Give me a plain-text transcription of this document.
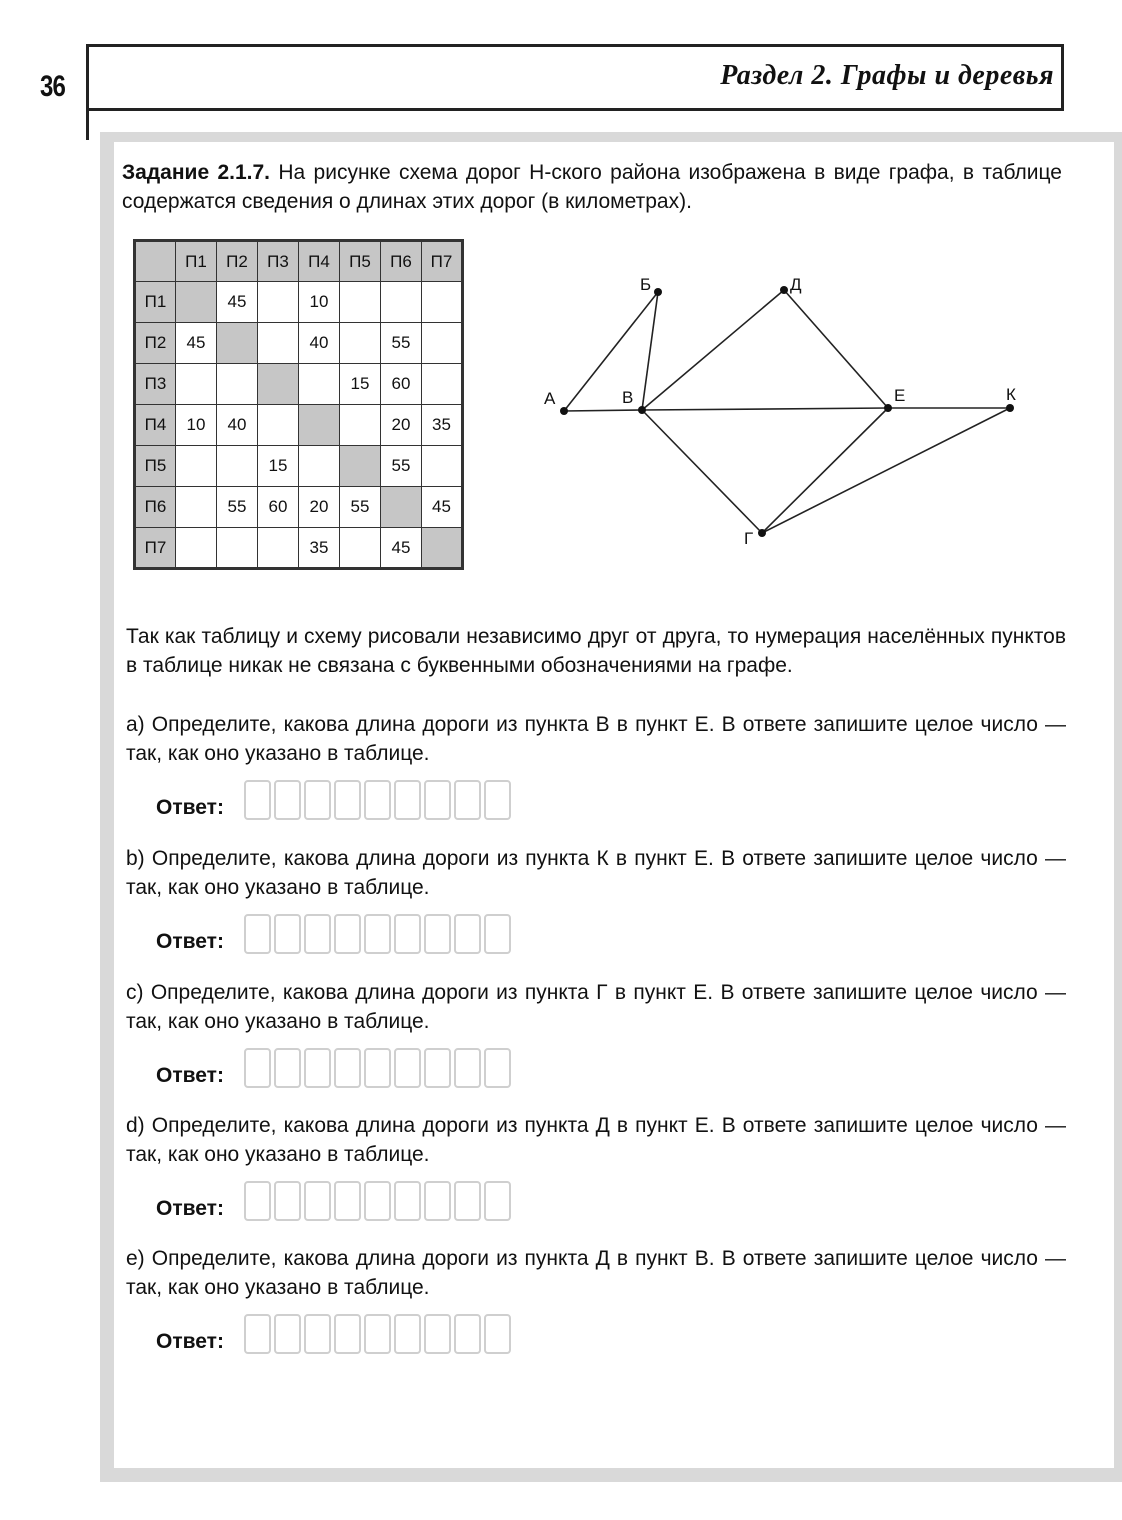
36	Раздел 2. Графы и деревья
Задание 2.1.7. На рисунке схема дорог Н-ского района изображена в виде графа, в таблице содержатся сведения о длинах этих дорог (в километрах).
	П1	П2	П3	П4	П5	П6	П7
П1		45		10			
П2	45			40		55	
П3					15	60	
П4	10	40				20	35
П5			15			55	
П6		55	60	20	55		45
П7				35		45	
А
Б
В
Д
Е	К
Г
Так как таблицу и схему рисовали независимо друг от друга, то нумерация населённых пунктов в таблице никак не связана с буквенными обозначениями на графе.
a) Определите, какова длина дороги из пункта В в пункт Е. В ответе запишите целое число — так, как оно указано в таблице.
Ответ:
b) Определите, какова длина дороги из пункта К в пункт Е. В ответе запишите целое число — так, как оно указано в таблице.
Ответ:
c) Определите, какова длина дороги из пункта Г в пункт Е. В ответе запишите целое число — так, как оно указано в таблице.
Ответ:
d) Определите, какова длина дороги из пункта Д в пункт Е. В ответе запишите целое число — так, как оно указано в таблице.
Ответ:
e) Определите, какова длина дороги из пункта Д в пункт В. В ответе запишите целое число — так, как оно указано в таблице.
Ответ:
